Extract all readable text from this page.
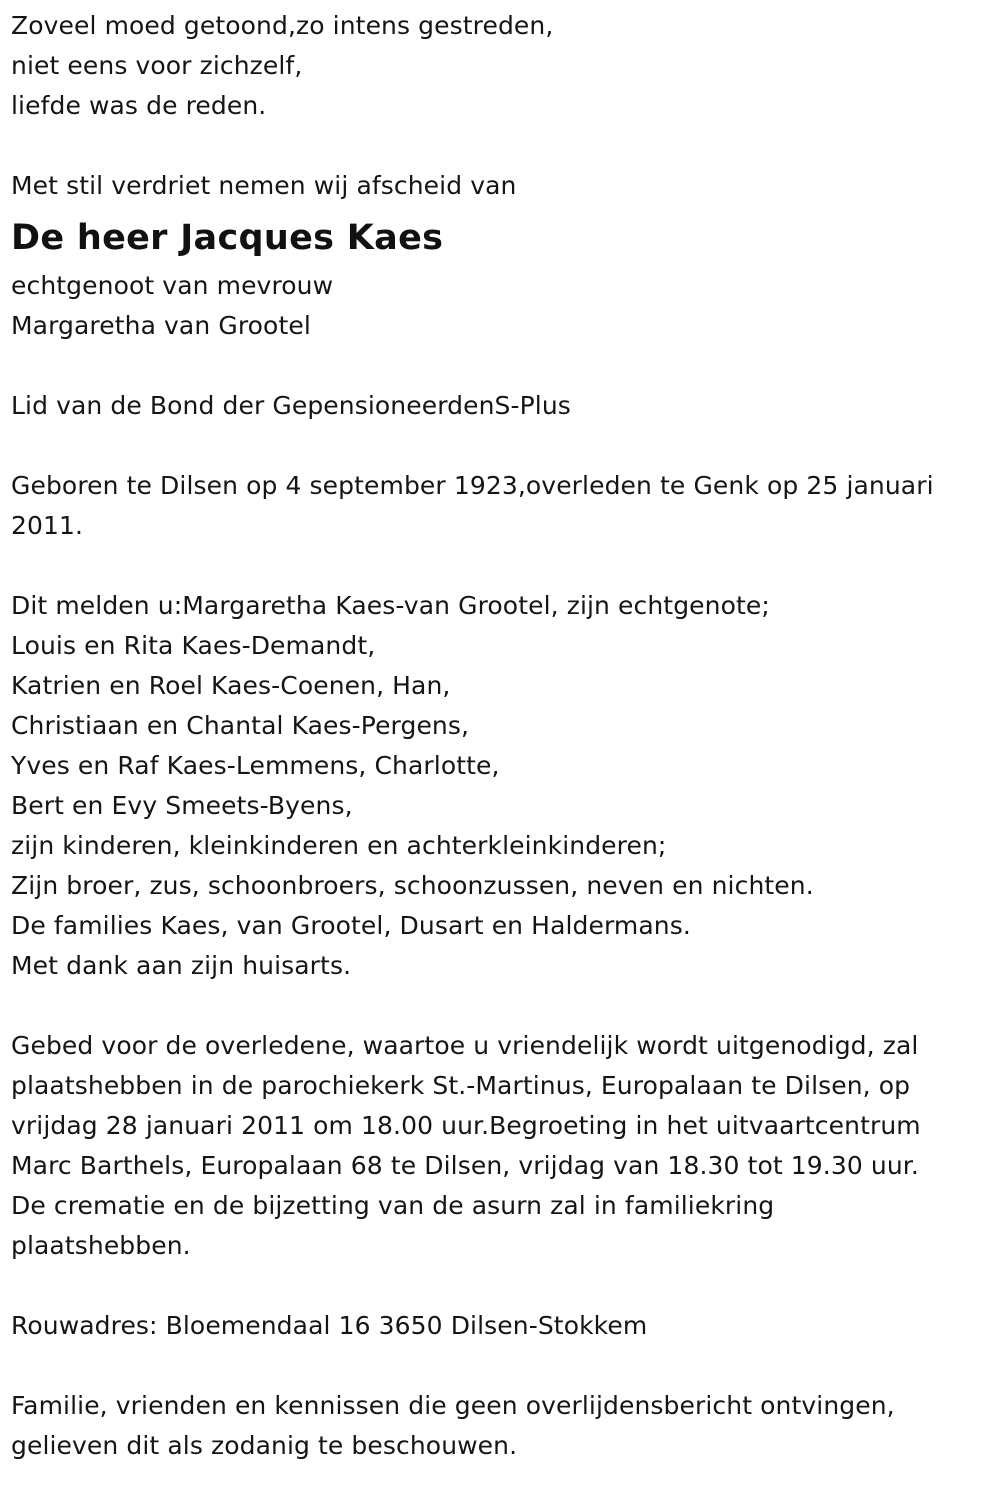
Zoveel moed getoond,zo intens gestreden,
niet eens voor zichzelf,
liefde was de reden.
Met stil verdriet nemen wij afscheid van
De heer Jacques Kaes
echtgenoot van mevrouw
Margaretha van Grootel
Lid van de Bond der GepensioneerdenS-Plus
Geboren te Dilsen op 4 september 1923,overleden te Genk op 25 januari
2011.
Dit melden u:Margaretha Kaes-van Grootel, zijn echtgenote;
Louis en Rita Kaes-Demandt,
Katrien en Roel Kaes-Coenen, Han,
Christiaan en Chantal Kaes-Pergens,
Yves en Raf Kaes-Lemmens, Charlotte,
Bert en Evy Smeets-Byens,
zijn kinderen, kleinkinderen en achterkleinkinderen;
Zijn broer, zus, schoonbroers, schoonzussen, neven en nichten.
De families Kaes, van Grootel, Dusart en Haldermans.
Met dank aan zijn huisarts.
Gebed voor de overledene, waartoe u vriendelijk wordt uitgenodigd, zal
plaatshebben in de parochiekerk St.-Martinus, Europalaan te Dilsen, op
vrijdag 28 januari 2011 om 18.00 uur.Begroeting in het uitvaartcentrum
Marc Barthels, Europalaan 68 te Dilsen, vrijdag van 18.30 tot 19.30 uur.
De crematie en de bijzetting van de asurn zal in familiekring
plaatshebben.
Rouwadres: Bloemendaal 16 3650 Dilsen-Stokkem
Familie, vrienden en kennissen die geen overlijdensbericht ontvingen,
gelieven dit als zodanig te beschouwen.
